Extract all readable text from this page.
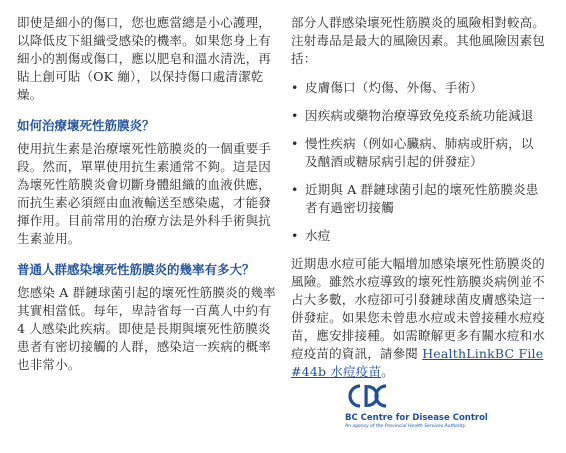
即使是細小的傷口，您也應當總是小心護理，以降低皮下組織受感染的機率。如果您身上有細小的割傷或傷口，應以肥皂和溫水清洗，再貼上創可貼（OK 繃），以保持傷口處清潔乾燥。

如何治療壞死性筋膜炎？

使用抗生素是治療壞死性筋膜炎的一個重要手段。然而，單單使用抗生素通常不夠。這是因為壞死性筋膜炎會切斷身體組織的血液供應，而抗生素必須經由血液輸送至感染處，才能發揮作用。目前常用的治療方法是外科手術與抗生素並用。

普通人群感染壞死性筋膜炎的幾率有多大？

您感染 A 群鏈球菌引起的壞死性筋膜炎的幾率其實相當低。每年，卑詩省每一百萬人中約有 4 人感染此疾病。即使是長期與壞死性筋膜炎患者有密切接觸的人群，感染這一疾病的概率也非常小。

部分人群感染壞死性筋膜炎的風險相對較高。注射毒品是最大的風險因素。其他風險因素包括：

• 皮膚傷口（灼傷、外傷、手術）
• 因疾病或藥物治療導致免疫系統功能減退
• 慢性疾病（例如心臟病、肺病或肝病，以及酗酒或糖尿病引起的併發症）
• 近期與 A 群鏈球菌引起的壞死性筋膜炎患者有過密切接觸
• 水痘

近期患水痘可能大幅增加感染壞死性筋膜炎的風險。雖然水痘導致的壞死性筋膜炎病例並不占大多數，水痘卻可引發鏈球菌皮膚感染這一併發症。如果您未曾患水痘或未曾接種水痘疫苗，應安排接種。如需瞭解更多有關水痘和水痘疫苗的資訊，請參閱 HealthLinkBC File #44b 水痘疫苗。

BC Centre for Disease Control
An agency of the Provincial Health Services Authority
